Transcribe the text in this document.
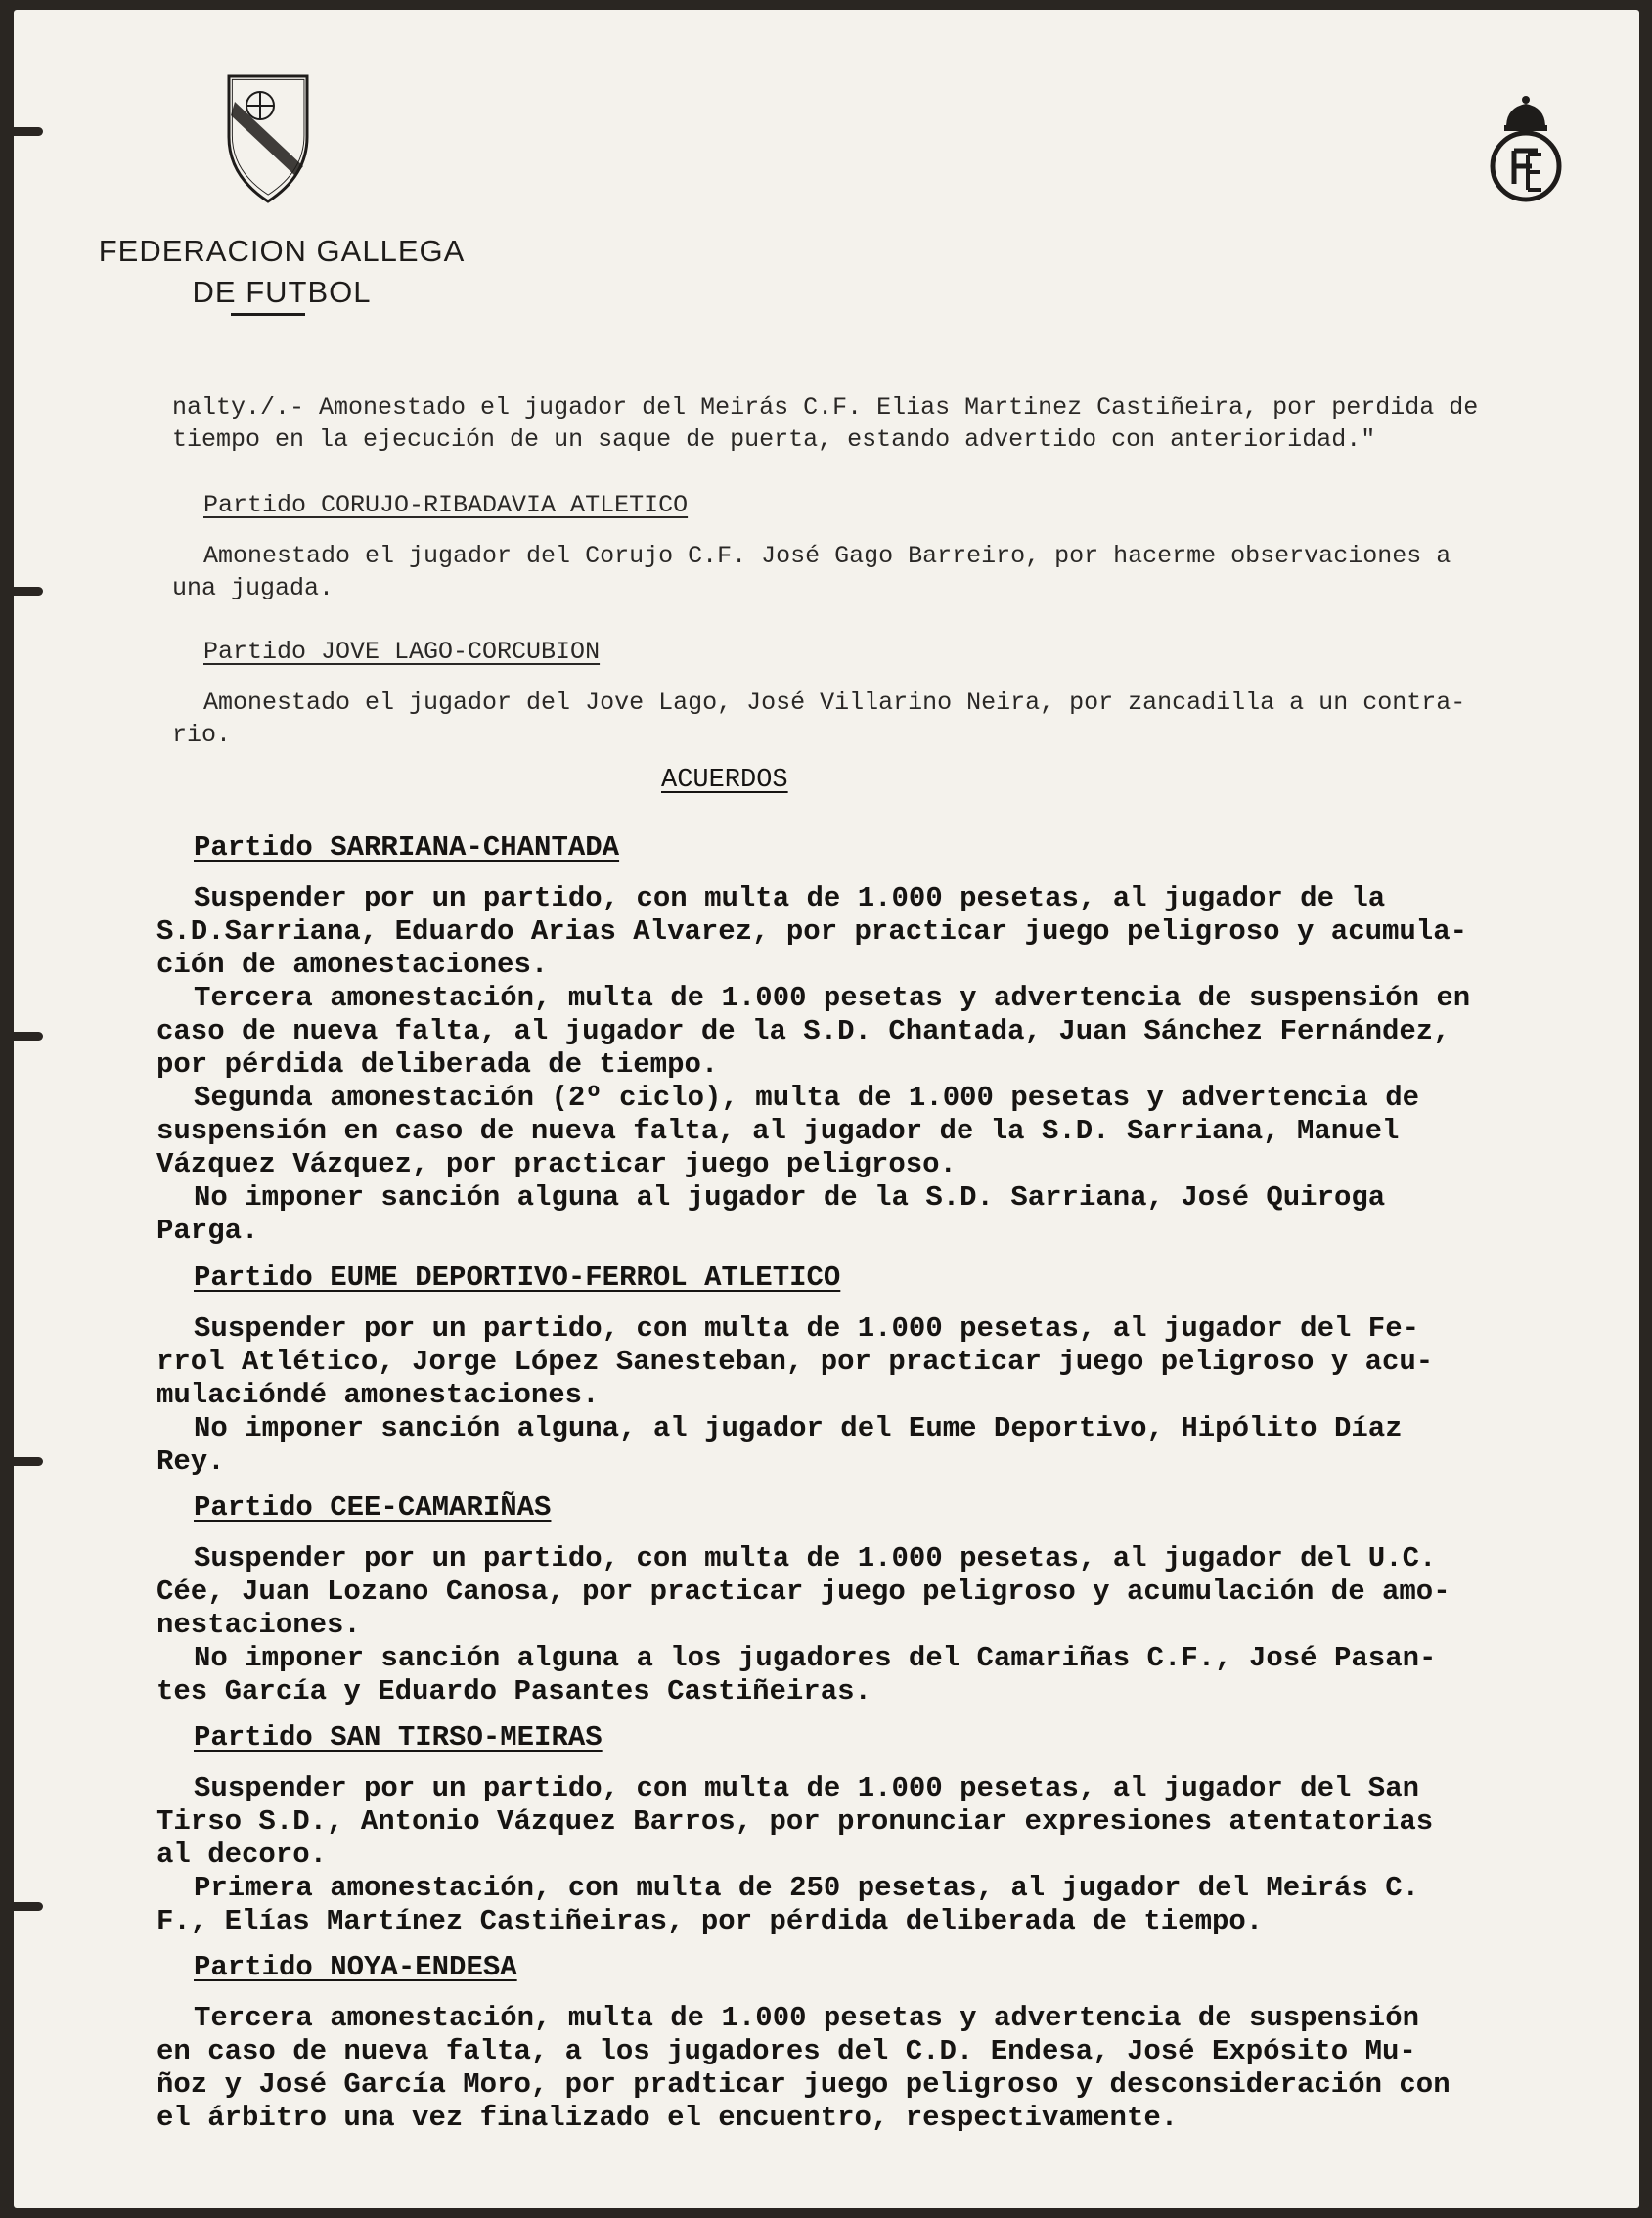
FEDERACION GALLEGA
DE FUTBOL
nalty./.- Amonestado el jugador del Meirás C.F. Elias Martinez Castiñeira, por perdida de
tiempo en la ejecución de un saque de puerta, estando advertido con anterioridad."
Partido CORUJO-RIBADAVIA ATLETICO
Amonestado el jugador del Corujo C.F. José Gago Barreiro, por hacerme observaciones a
una jugada.
Partido JOVE LAGO-CORCUBION
Amonestado el jugador del Jove Lago, José Villarino Neira, por zancadilla a un contra-
rio.
ACUERDOS
Partido SARRIANA-CHANTADA
Suspender por un partido, con multa de 1.000 pesetas, al jugador de la
S.D.Sarriana, Eduardo Arias Alvarez, por practicar juego peligroso y acumula-
ción de amonestaciones.
Tercera amonestación, multa de 1.000 pesetas y advertencia de suspensión en
caso de nueva falta, al jugador de la S.D. Chantada, Juan Sánchez Fernández,
por pérdida deliberada de tiempo.
Segunda amonestación (2º ciclo), multa de 1.000 pesetas y advertencia de
suspensión en caso de nueva falta, al jugador de la S.D. Sarriana, Manuel
Vázquez Vázquez, por practicar juego peligroso.
No imponer sanción alguna al jugador de la S.D. Sarriana, José Quiroga
Parga.
Partido EUME DEPORTIVO-FERROL ATLETICO
Suspender por un partido, con multa de 1.000 pesetas, al jugador del Fe-
rrol Atlético, Jorge López Sanesteban, por practicar juego peligroso y acu-
mulacióndé amonestaciones.
No imponer sanción alguna, al jugador del Eume Deportivo, Hipólito Díaz
Rey.
Partido CEE-CAMARIÑAS
Suspender por un partido, con multa de 1.000 pesetas, al jugador del U.C.
Cée, Juan Lozano Canosa, por practicar juego peligroso y acumulación de amo-
nestaciones.
No imponer sanción alguna a los jugadores del Camariñas C.F., José Pasan-
tes García y Eduardo Pasantes Castiñeiras.
Partido SAN TIRSO-MEIRAS
Suspender por un partido, con multa de 1.000 pesetas, al jugador del San
Tirso S.D., Antonio Vázquez Barros, por pronunciar expresiones atentatorias
al decoro.
Primera amonestación, con multa de 250 pesetas, al jugador del Meirás C.
F., Elías Martínez Castiñeiras, por pérdida deliberada de tiempo.
Partido NOYA-ENDESA
Tercera amonestación, multa de 1.000 pesetas y advertencia de suspensión
en caso de nueva falta, a los jugadores del C.D. Endesa, José Expósito Mu-
ñoz y José García Moro, por pradticar juego peligroso y desconsideración con
el árbitro una vez finalizado el encuentro, respectivamente.
